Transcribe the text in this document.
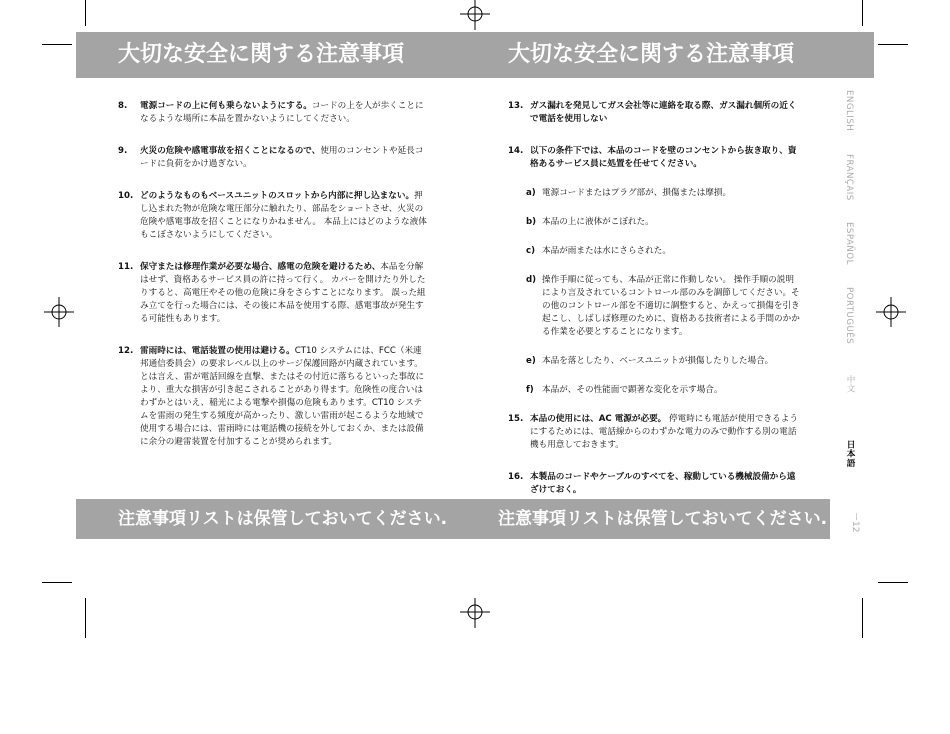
大切な安全に関する注意事項	大切な安全に関する注意事項
注意事項リストは保管しておいてください.	注意事項リストは保管しておいてください.
8. 電源コードの上に何も乗らないようにする。コードの上を人が歩くことになるような場所に本品を置かないようにしてください。
9. 火災の危険や感電事故を招くことになるので、使用のコンセントや延長コードに負荷をかけ過ぎない。
10. どのようなものもベースユニットのスロットから内部に押し込まない。押し込まれた物が危険な電圧部分に触れたり、部品をショートさせ、火災の危険や感電事故を招くことになりかねません。 本品上にはどのような液体もこぼさないようにしてください。
11. 保守または修理作業が必要な場合、感電の危険を避けるため、本品を分解はせず、資格あるサービス員の許に持って行く。 カバーを開けたり外したりすると、高電圧やその他の危険に身をさらすことになります。 誤った組み立てを行った場合には、その後に本品を使用する際、感電事故が発生する可能性もあります。
12. 雷雨時には、電話装置の使用は避ける。CT10 システムには、FCC（米連邦通信委員会）の要求レベル以上のサージ保護回路が内蔵されています。とは言え、雷が電話回線を直撃、またはその付近に落ちるといった事故により、重大な損害が引き起こされることがあり得ます。危険性の度合いはわずかとはいえ、稲光による電撃や損傷の危険もあります。CT10 システムを雷雨の発生する頻度が高かったり、激しい雷雨が起こるような地域で使用する場合には、雷雨時には電話機の接続を外しておくか、または設備に余分の避雷装置を付加することが奨められます。
13. ガス漏れを発見してガス会社等に連絡を取る際、ガス漏れ個所の近くで電話を使用しない
14. 以下の条件下では、本品のコードを壁のコンセントから抜き取り、資格あるサービス員に処置を任せてください。
a) 電源コードまたはプラグ部が、損傷または摩損。
b) 本品の上に液体がこぼれた。
c) 本品が雨または水にさらされた。
d) 操作手順に従っても、本品が正常に作動しない。 操作手順の説明により言及されているコントロール部のみを調節してください。その他のコントロール部を不適切に調整すると、かえって損傷を引き起こし、しばしば修理のために、資格ある技術者による手間のかかる作業を必要とすることになります。
e) 本品を落としたり、ベースユニットが損傷したりした場合。
f) 本品が、その性能面で顕著な変化を示す場合。
15. 本品の使用には、AC 電源が必要。 停電時にも電話が使用できるようにするためには、電話線からのわずかな電力のみで動作する別の電話機も用意しておきます。
16. 本製品のコードやケーブルのすべてを、稼動している機械設備から遠ざけておく。
ENGLISH
FRANÇAIS
ESPAÑOL
PORTUGUÊS
中文
日本語
ー12
